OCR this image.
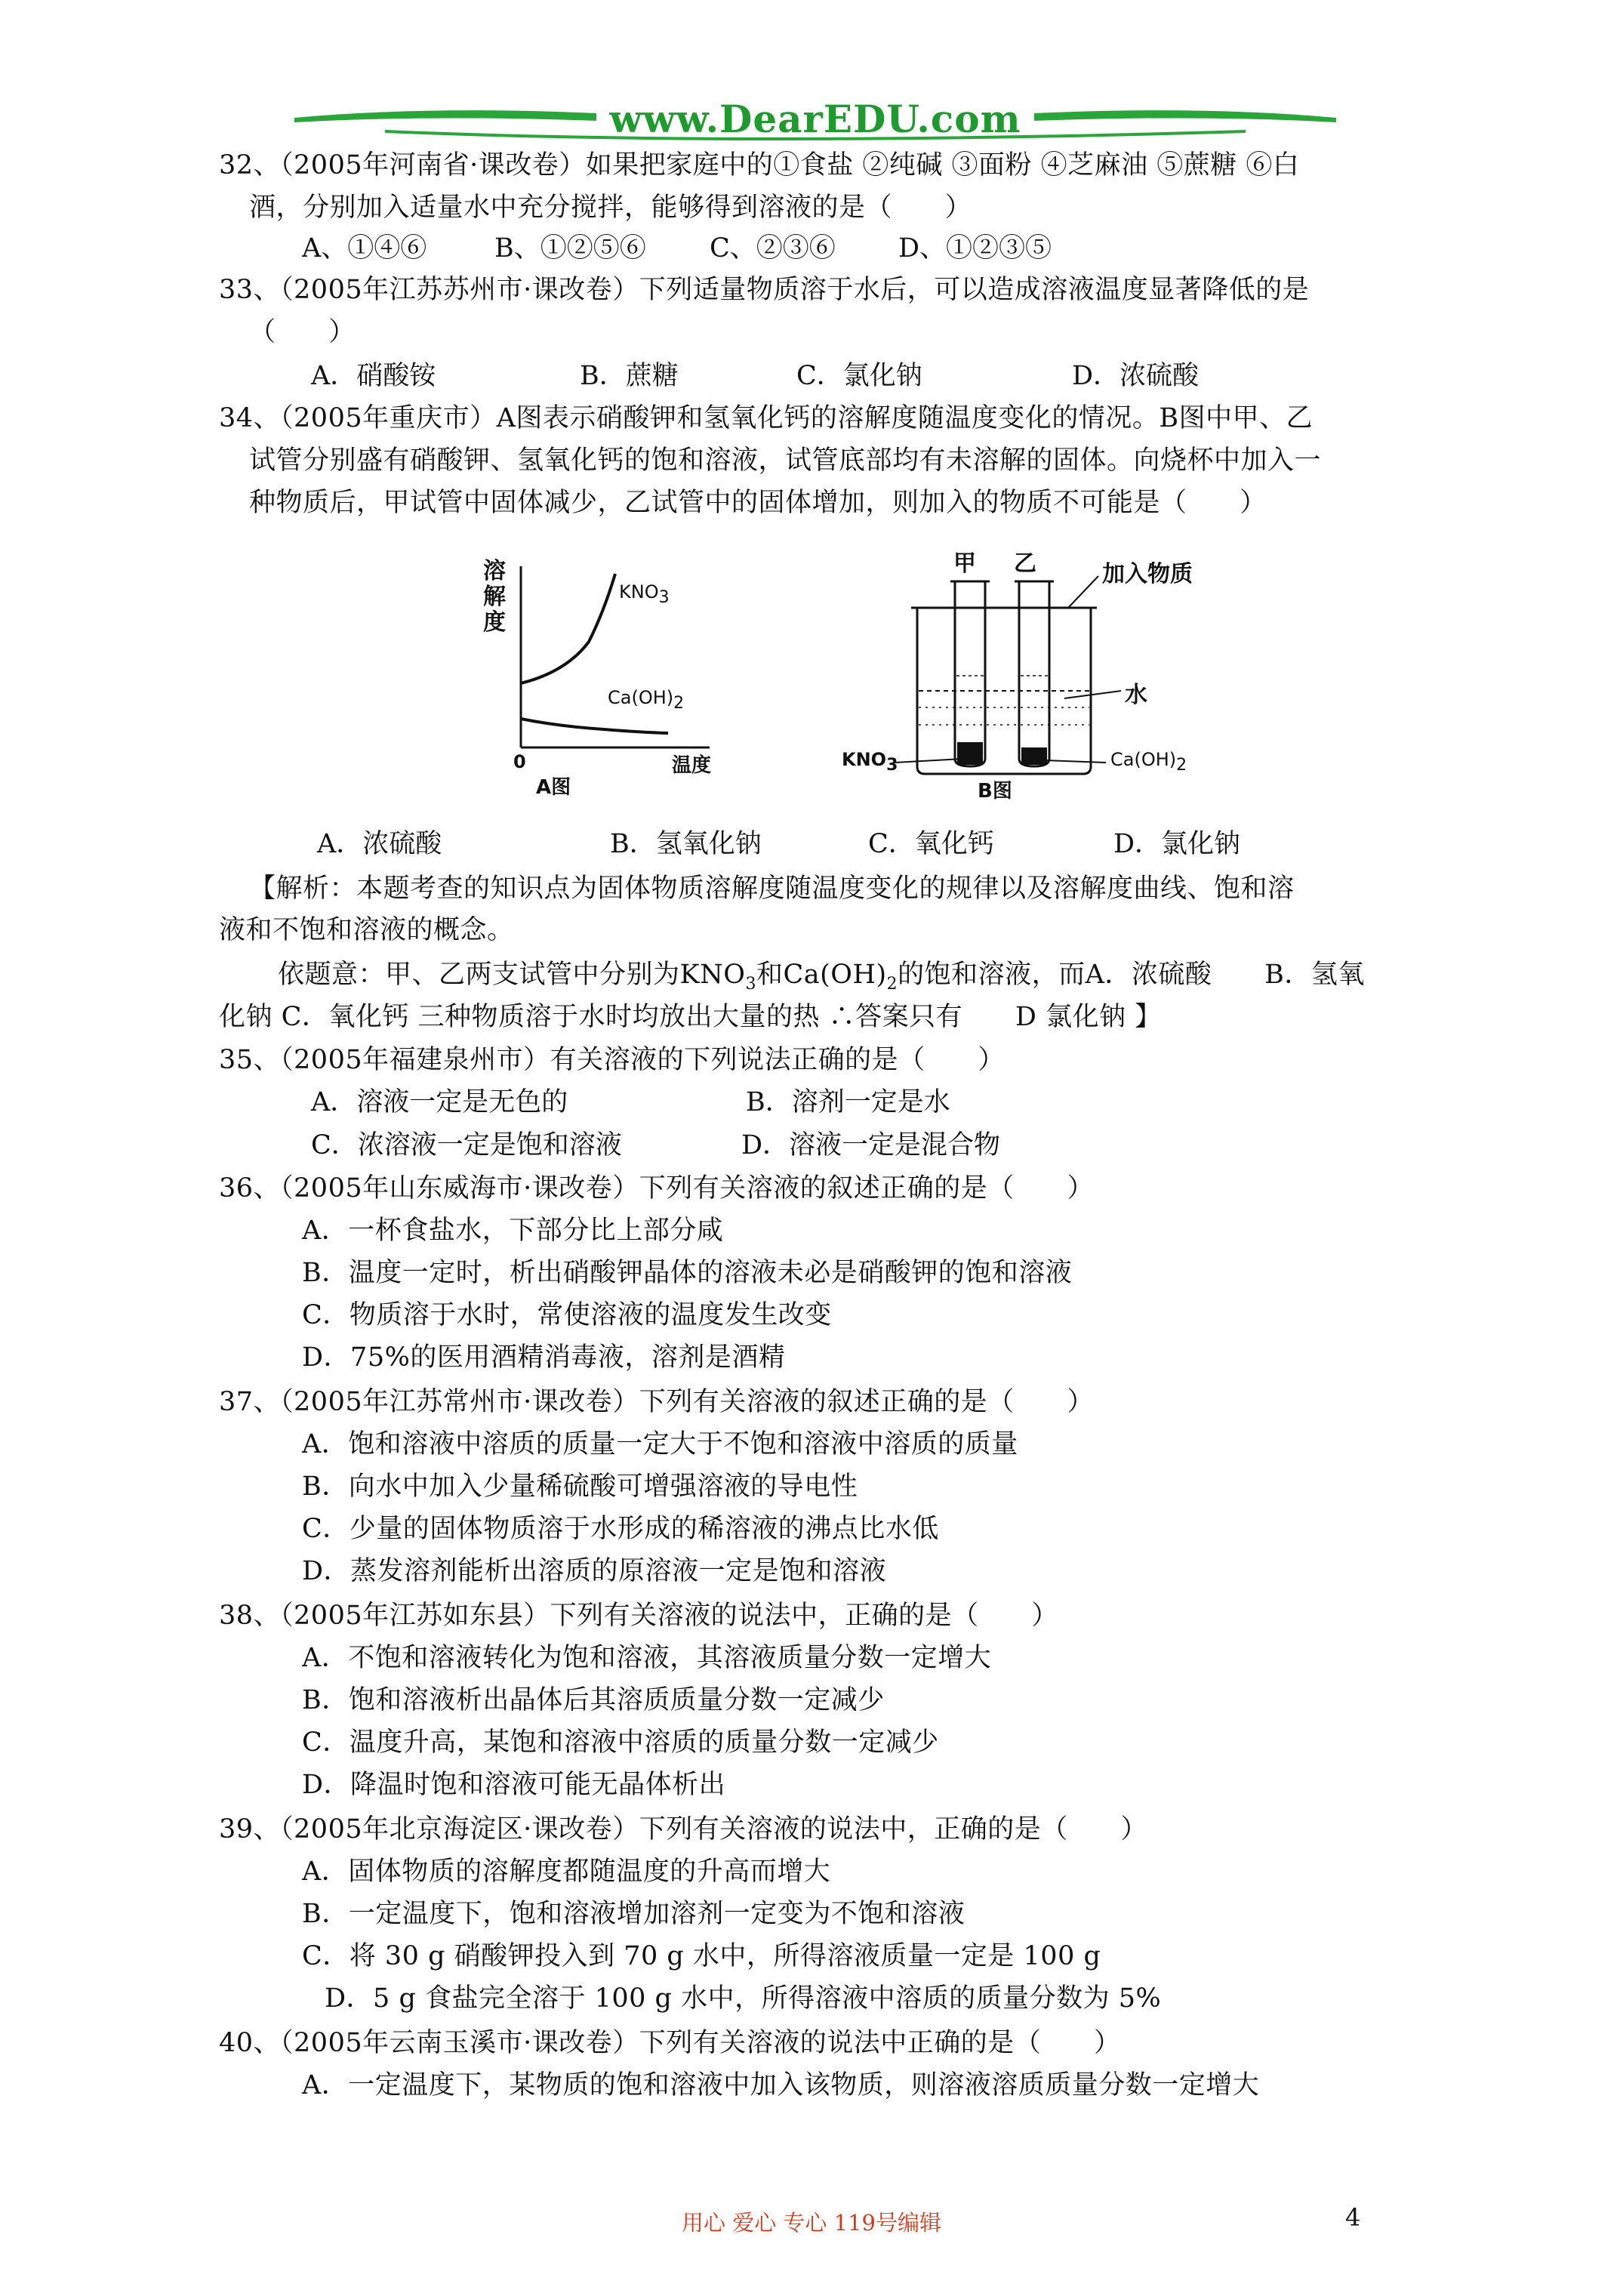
www.DearEDU.com
32、（2005年河南省·课改卷）如果把家庭中的①食盐 ②纯碱 ③面粉 ④芝麻油 ⑤蔗糖 ⑥白
酒，分别加入适量水中充分搅拌，能够得到溶液的是（      ）
A、①④⑥	B、①②⑤⑥ C、②③⑥ D、①②③⑤
33、（2005年江苏苏州市·课改卷）下列适量物质溶于水后，可以造成溶液温度显著降低的是
（      ）
A．硝酸铵	B．蔗糖	C．氯化钠	D．浓硫酸
34、（2005年重庆市）A图表示硝酸钾和氢氧化钙的溶解度随温度变化的情况。B图中甲、乙
试管分别盛有硝酸钾、氢氧化钙的饱和溶液，试管底部均有未溶解的固体。向烧杯中加入一
种物质后，甲试管中固体减少，乙试管中的固体增加，则加入的物质不可能是（      ）
溶
解
度
$KNO_3$
$Ca(OH)_2$
0	温度
A图
甲 乙	加入物质
水
$KNO_3$	$Ca(OH)_2$
B图
A．浓硫酸	B．氢氧化钠	C．氧化钙	D．氯化钠
【解析：本题考查的知识点为固体物质溶解度随温度变化的规律以及溶解度曲线、饱和溶
液和不饱和溶液的概念。
依题意：甲、乙两支试管中分别为$KNO_3$和$Ca(OH)_2$的饱和溶液，而A．浓硫酸      B．氢氧
化钠 C．氧化钙 三种物质溶于水时均放出大量的热 ∴答案只有      D 氯化钠 】
35、（2005年福建泉州市）有关溶液的下列说法正确的是（      ）
A．溶液一定是无色的	B．溶剂一定是水
C．浓溶液一定是饱和溶液	D．溶液一定是混合物
36、（2005年山东威海市·课改卷）下列有关溶液的叙述正确的是（      ）
A．一杯食盐水，下部分比上部分咸
B．温度一定时，析出硝酸钾晶体的溶液未必是硝酸钾的饱和溶液
C．物质溶于水时，常使溶液的温度发生改变
D．75%的医用酒精消毒液，溶剂是酒精
37、（2005年江苏常州市·课改卷）下列有关溶液的叙述正确的是（      ）
A．饱和溶液中溶质的质量一定大于不饱和溶液中溶质的质量
B．向水中加入少量稀硫酸可增强溶液的导电性
C．少量的固体物质溶于水形成的稀溶液的沸点比水低
D．蒸发溶剂能析出溶质的原溶液一定是饱和溶液
38、（2005年江苏如东县）下列有关溶液的说法中，正确的是（      ）
A．不饱和溶液转化为饱和溶液，其溶液质量分数一定增大
B．饱和溶液析出晶体后其溶质质量分数一定减少
C．温度升高，某饱和溶液中溶质的质量分数一定减少
D．降温时饱和溶液可能无晶体析出
39、（2005年北京海淀区·课改卷）下列有关溶液的说法中，正确的是（      ）
A．固体物质的溶解度都随温度的升高而增大
B．一定温度下，饱和溶液增加溶剂一定变为不饱和溶液
C．将 30 g 硝酸钾投入到 70 g 水中，所得溶液质量一定是 100 g
D．5 g 食盐完全溶于 100 g 水中，所得溶液中溶质的质量分数为 5%
40、（2005年云南玉溪市·课改卷）下列有关溶液的说法中正确的是（      ）
A．一定温度下，某物质的饱和溶液中加入该物质，则溶液溶质质量分数一定增大
用心 爱心 专心 119号编辑	4
